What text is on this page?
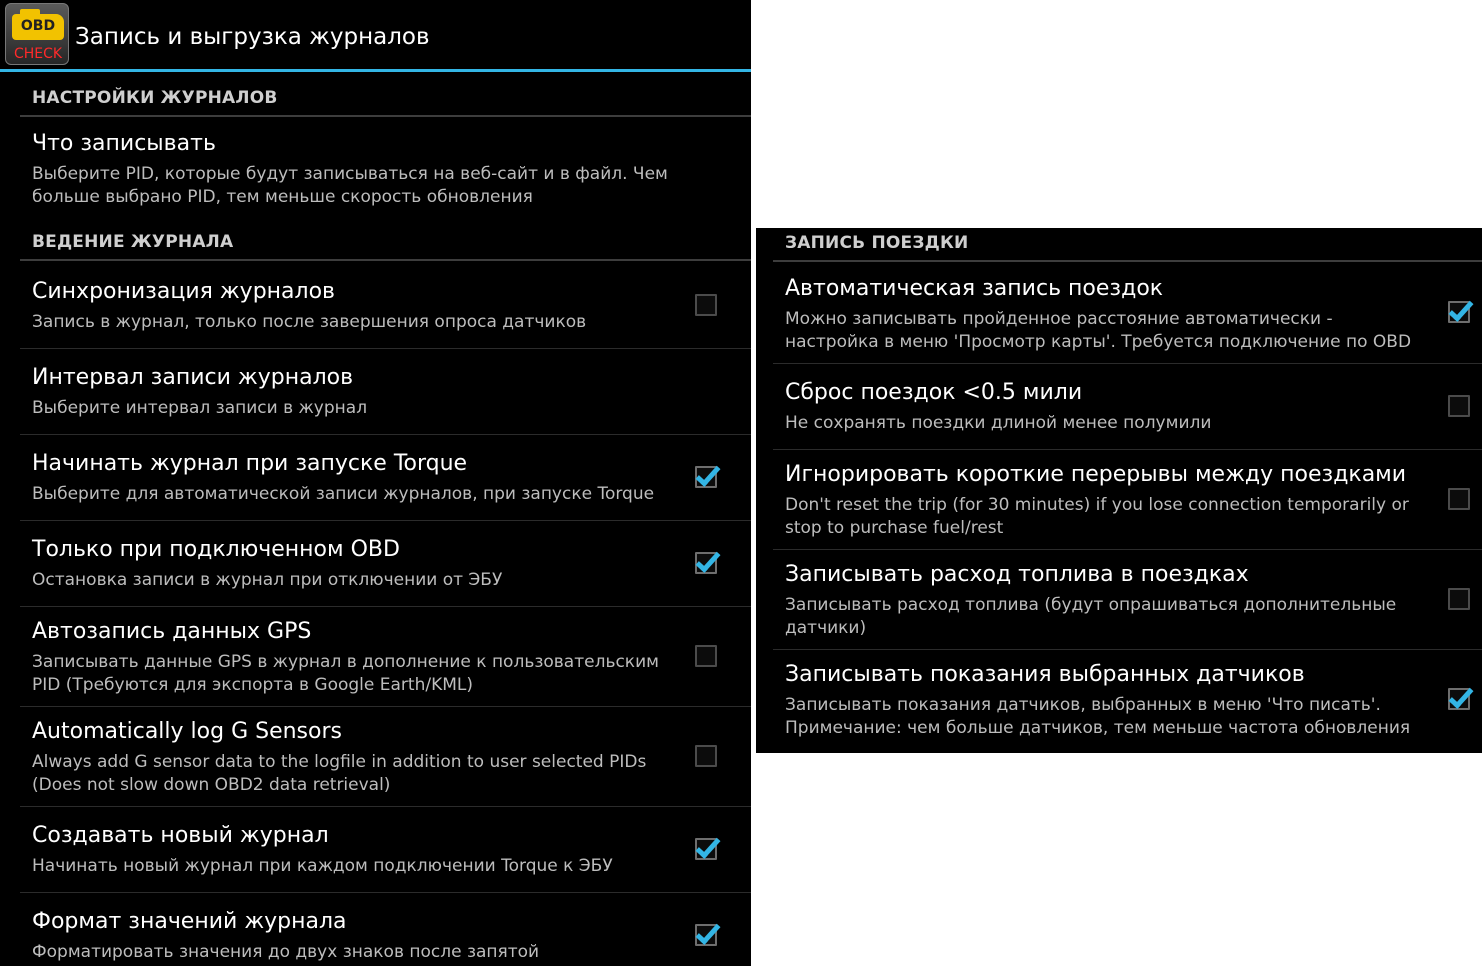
OBD
CHECK
Запись и выгрузка журналов
НАСТРОЙКИ ЖУРНАЛОВ
Что записывать
Выберите PID, которые будут записываться на веб-сайт и в файл. Чем больше выбрано PID, тем меньше скорость обновления
ВЕДЕНИЕ ЖУРНАЛА
Синхронизация журналов
Запись в журнал, только после завершения опроса датчиков
Интервал записи журналов
Выберите интервал записи в журнал
Начинать журнал при запуске Torque
Выберите для автоматической записи журналов, при запуске Torque
Только при подключенном OBD
Остановка записи в журнал при отключении от ЭБУ
Автозапись данных GPS
Записывать данные GPS в журнал в дополнение к пользовательским PID (Требуются для экспорта в Google Earth/KML)
Automatically log G Sensors
Always add G sensor data to the logfile in addition to user selected PIDs (Does not slow down OBD2 data retrieval)
Создавать новый журнал
Начинать новый журнал при каждом подключении Torque к ЭБУ
Формат значений журнала
Форматировать значения до двух знаков после запятой
ЗАПИСЬ ПОЕЗДКИ
Автоматическая запись поездок
Можно записывать пройденное расстояние автоматически - настройка в меню 'Просмотр карты'. Требуется подключение по OBD
Сброс поездок <0.5 мили
Не сохранять поездки длиной менее полумили
Игнорировать короткие перерывы между поездками
Don't reset the trip (for 30 minutes) if you lose connection temporarily or stop to purchase fuel/rest
Записывать расход топлива в поездках
Записывать расход топлива (будут опрашиваться дополнительные датчики)
Записывать показания выбранных датчиков
Записывать показания датчиков, выбранных в меню 'Что писать'. Примечание: чем больше датчиков, тем меньше частота обновления
